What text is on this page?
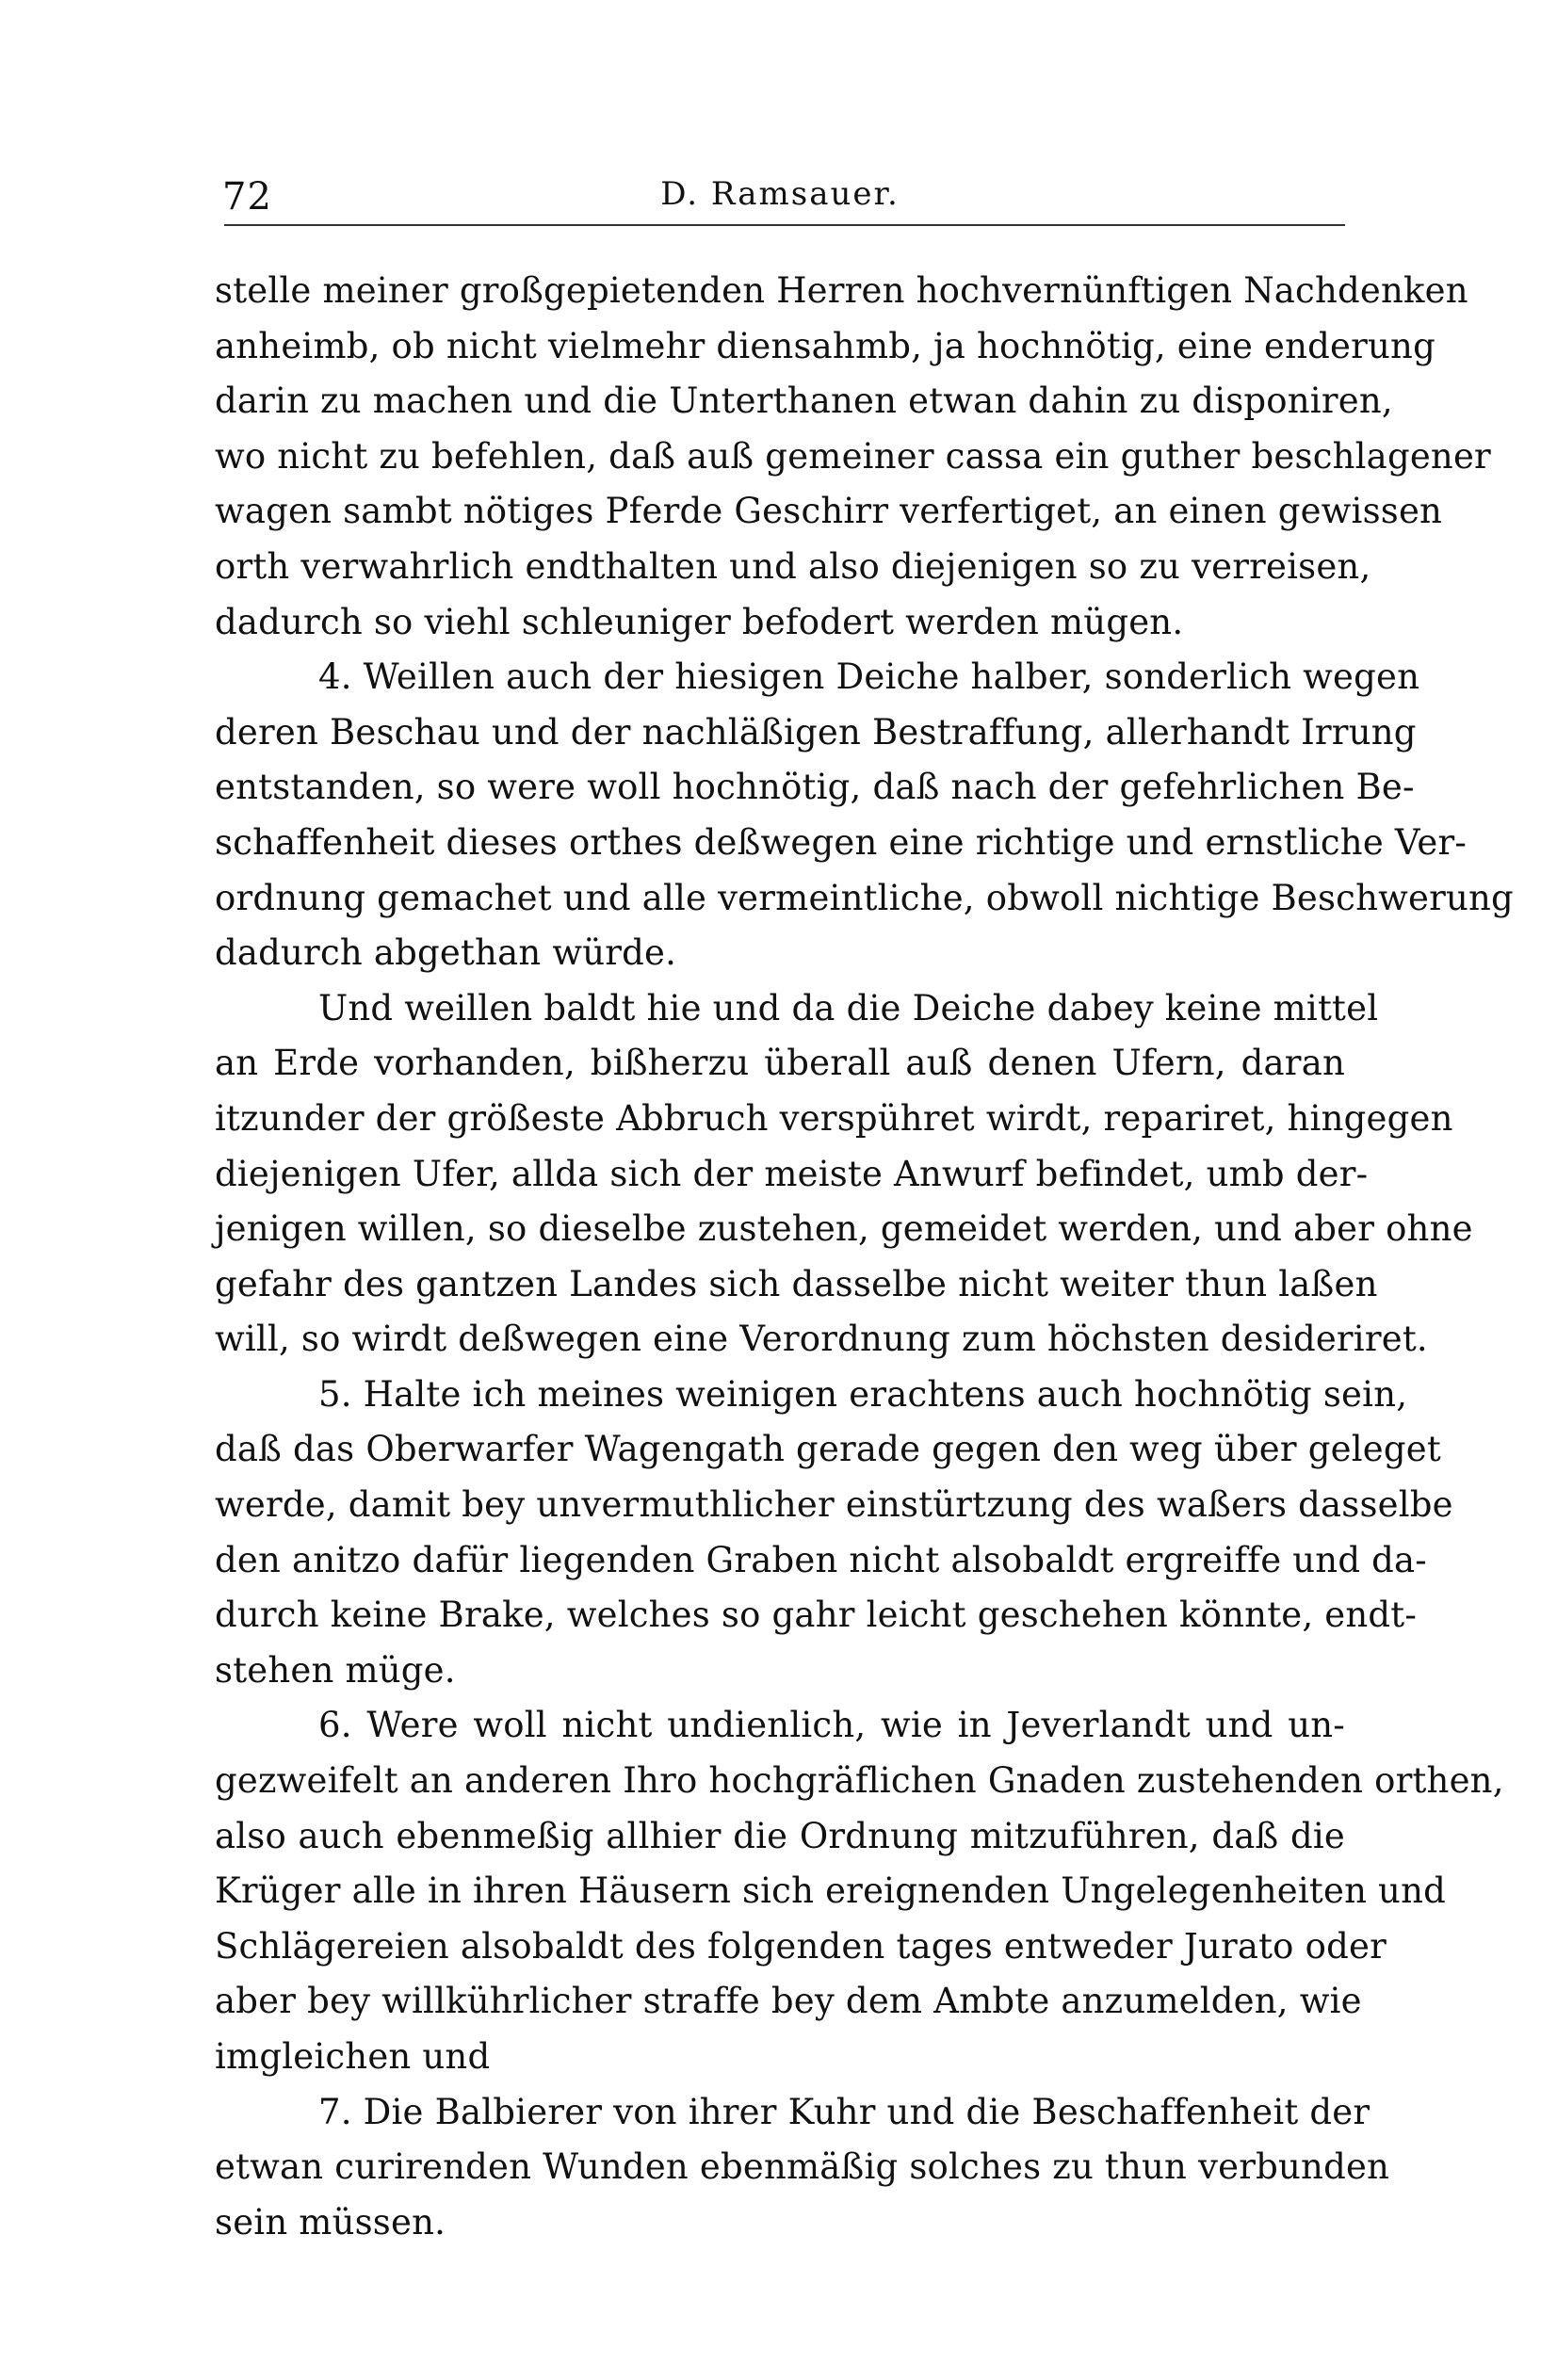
72	D. Ramsauer.
stelle meiner großgepietenden Herren hochvernünftigen Nachdenken
anheimb, ob nicht vielmehr diensahmb, ja hochnötig, eine enderung
darin zu machen und die Unterthanen etwan dahin zu disponiren,
wo nicht zu befehlen, daß auß gemeiner cassa ein guther beschlagener
wagen sambt nötiges Pferde Geschirr verfertiget, an einen gewissen
orth verwahrlich endthalten und also diejenigen so zu verreisen,
dadurch so viehl schleuniger befodert werden mügen.
4. Weillen auch der hiesigen Deiche halber, sonderlich wegen
deren Beschau und der nachläßigen Bestraffung, allerhandt Irrung
entstanden, so were woll hochnötig, daß nach der gefehrlichen Be-
schaffenheit dieses orthes deßwegen eine richtige und ernstliche Ver-
ordnung gemachet und alle vermeintliche, obwoll nichtige Beschwerung
dadurch abgethan würde.
Und weillen baldt hie und da die Deiche dabey keine mittel
an Erde vorhanden, bißherzu überall auß denen Ufern, daran
itzunder der größeste Abbruch verspühret wirdt, repariret, hingegen
diejenigen Ufer, allda sich der meiste Anwurf befindet, umb der-
jenigen willen, so dieselbe zustehen, gemeidet werden, und aber ohne
gefahr des gantzen Landes sich dasselbe nicht weiter thun laßen
will, so wirdt deßwegen eine Verordnung zum höchsten desideriret.
5. Halte ich meines weinigen erachtens auch hochnötig sein,
daß das Oberwarfer Wagengath gerade gegen den weg über geleget
werde, damit bey unvermuthlicher einstürtzung des waßers dasselbe
den anitzo dafür liegenden Graben nicht alsobaldt ergreiffe und da-
durch keine Brake, welches so gahr leicht geschehen könnte, endt-
stehen müge.
6. Were woll nicht undienlich, wie in Jeverlandt und un-
gezweifelt an anderen Ihro hochgräflichen Gnaden zustehenden orthen,
also auch ebenmeßig allhier die Ordnung mitzuführen, daß die
Krüger alle in ihren Häusern sich ereignenden Ungelegenheiten und
Schlägereien alsobaldt des folgenden tages entweder Jurato oder
aber bey willkührlicher straffe bey dem Ambte anzumelden, wie
imgleichen und
7. Die Balbierer von ihrer Kuhr und die Beschaffenheit der
etwan curirenden Wunden ebenmäßig solches zu thun verbunden
sein müssen.
